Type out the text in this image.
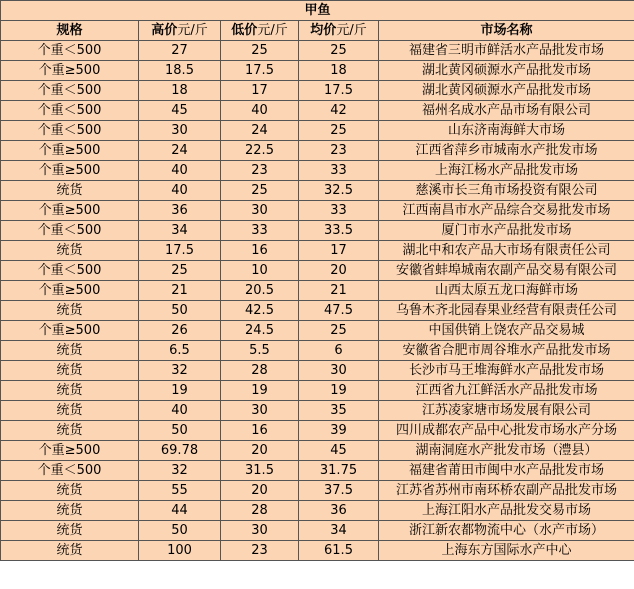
甲鱼				
规格	高价元/斤	低价元/斤	均价元/斤	市场名称
个重＜500	27	25	25	福建省三明市鲜活水产品批发市场
个重≥500	18.5	17.5	18	湖北黄冈硕源水产品批发市场
个重＜500	18	17	17.5	湖北黄冈硕源水产品批发市场
个重＜500	45	40	42	福州名成水产品市场有限公司
个重＜500	30	24	25	山东济南海鲜大市场
个重≥500	24	22.5	23	江西省萍乡市城南水产批发市场
个重≥500	40	23	33	上海江杨水产品批发市场
统货	40	25	32.5	慈溪市长三角市场投资有限公司
个重≥500	36	30	33	江西南昌市水产品综合交易批发市场
个重＜500	34	33	33.5	厦门市水产品批发市场
统货	17.5	16	17	湖北中和农产品大市场有限责任公司
个重＜500	25	10	20	安徽省蚌埠城南农副产品交易有限公司
个重≥500	21	20.5	21	山西太原五龙口海鲜市场
统货	50	42.5	47.5	乌鲁木齐北园春果业经营有限责任公司
个重≥500	26	24.5	25	中国供销上饶农产品交易城
统货	6.5	5.5	6	安徽省合肥市周谷堆水产品批发市场
统货	32	28	30	长沙市马王堆海鲜水产品批发市场
统货	19	19	19	江西省九江鲜活水产品批发市场
统货	40	30	35	江苏凌家塘市场发展有限公司
统货	50	16	39	四川成都农产品中心批发市场水产分场
个重≥500	69.78	20	45	湖南洞庭水产批发市场（澧县）
个重＜500	32	31.5	31.75	福建省莆田市闽中水产品批发市场
统货	55	20	37.5	江苏省苏州市南环桥农副产品批发市场
统货	44	28	36	上海江阳水产品批发交易市场
统货	50	30	34	浙江新农都物流中心（水产市场）
统货	100	23	61.5	上海东方国际水产中心
